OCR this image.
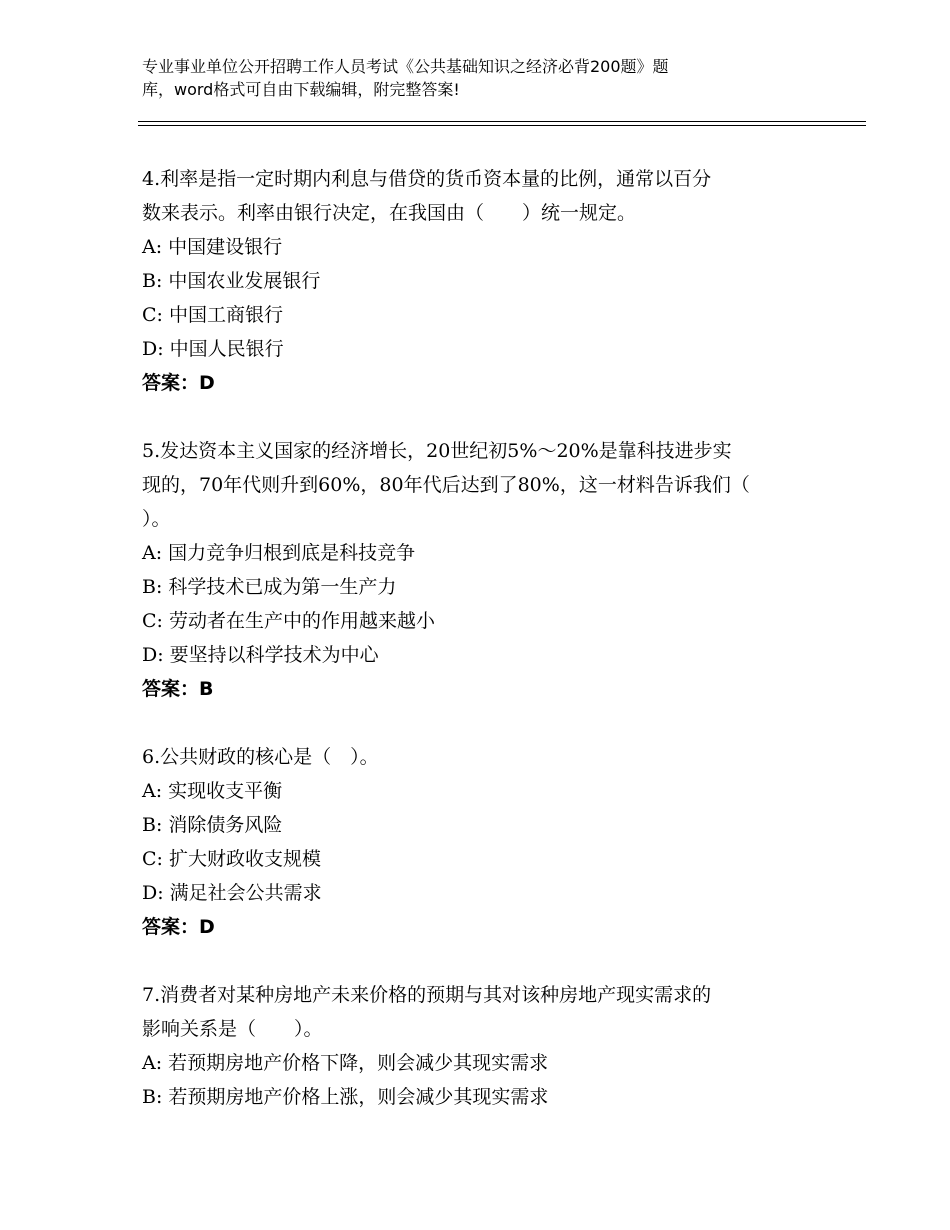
专业事业单位公开招聘工作人员考试《公共基础知识之经济必背200题》题
库，word格式可自由下载编辑，附完整答案!

4.利率是指一定时期内利息与借贷的货币资本量的比例，通常以百分

数来表示。利率由银行决定，在我国由（　　）统一规定。

A: 中国建设银行

B: 中国农业发展银行

C: 中国工商银行

D: 中国人民银行

答案：D

5.发达资本主义国家的经济增长，20世纪初5%～20%是靠科技进步实

现的，70年代则升到60%，80年代后达到了80%，这一材料告诉我们（

）。

A: 国力竞争归根到底是科技竞争

B: 科学技术已成为第一生产力

C: 劳动者在生产中的作用越来越小

D: 要坚持以科学技术为中心

答案：B

6.公共财政的核心是（　）。

A: 实现收支平衡

B: 消除债务风险

C: 扩大财政收支规模

D: 满足社会公共需求

答案：D

7.消费者对某种房地产未来价格的预期与其对该种房地产现实需求的

影响关系是（　　）。

A: 若预期房地产价格下降，则会减少其现实需求

B: 若预期房地产价格上涨，则会减少其现实需求
